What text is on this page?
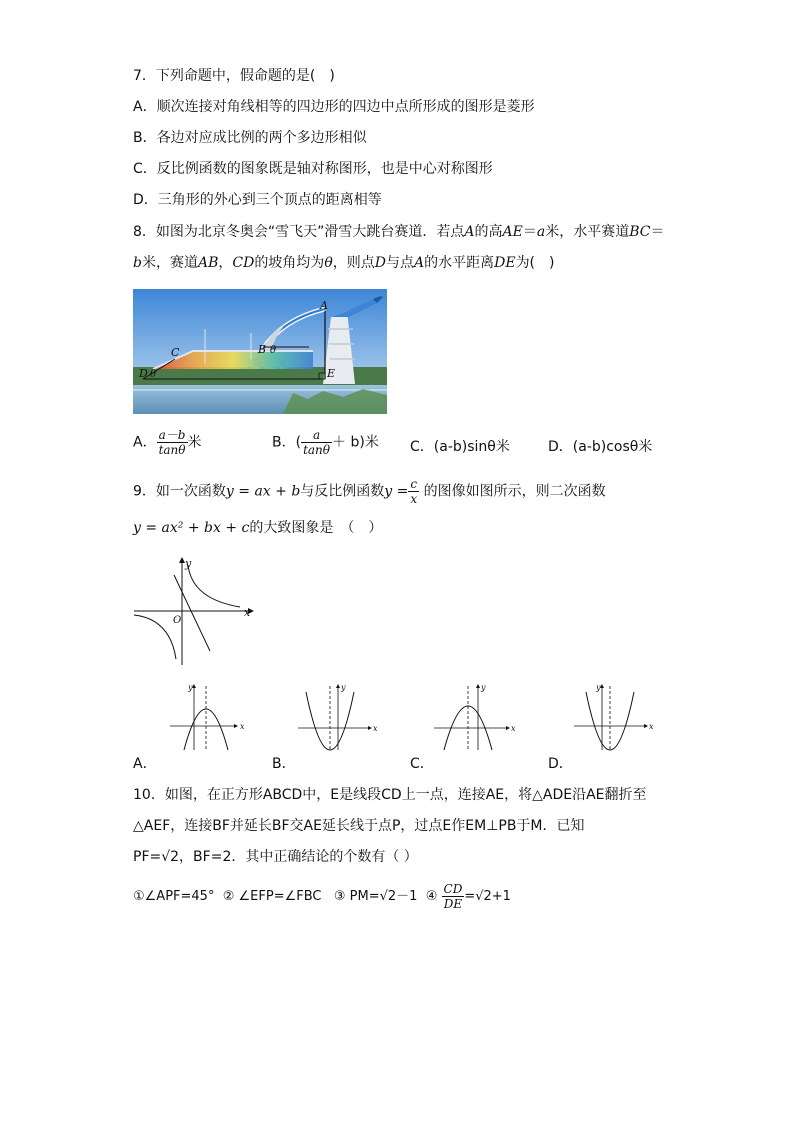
7．下列命题中，假命题的是(　)
A．顺次连接对角线相等的四边形的四边中点所形成的图形是菱形
B．各边对应成比例的两个多边形相似
C．反比例函数的图象既是轴对称图形，也是中心对称图形
D．三角形的外心到三个顶点的距离相等
8．如图为北京冬奥会“雪飞天”滑雪大跳台赛道．若点A的高AE＝a米，水平赛道BC＝
b米，赛道AB，CD的坡角均为θ，则点D与点A的水平距离DE为(　)
A
B θ
C
D θ	E
A． $\frac{a-b}{\tan\theta}$ 米	B．( $\frac{a}{\tan\theta} + b$)米 C．(a-b)sinθ米	D．(a-b)cosθ米
9．如一次函数y = ax + b与反比例函数$y = \frac{c}{x}$ 的图像如图所示，则二次函数
y = ax² + bx + c的大致图象是　（　）
x
y
O
x
y
x
y
x
y
x
y
A．	B．	C．	D．
10．如图，在正方形ABCD中，E是线段CD上一点，连接AE，将△ADE沿AE翻折至
△AEF，连接BF并延长BF交AE延长线于点P，过点E作EM⊥PB于M．已知
PF=√2，BF=2．其中正确结论的个数有（ ）
①∠APF=45° ② ∠EFP=∠FBC ③ PM=√2－1 ④ $\frac{CD}{DE} =√2+1$
